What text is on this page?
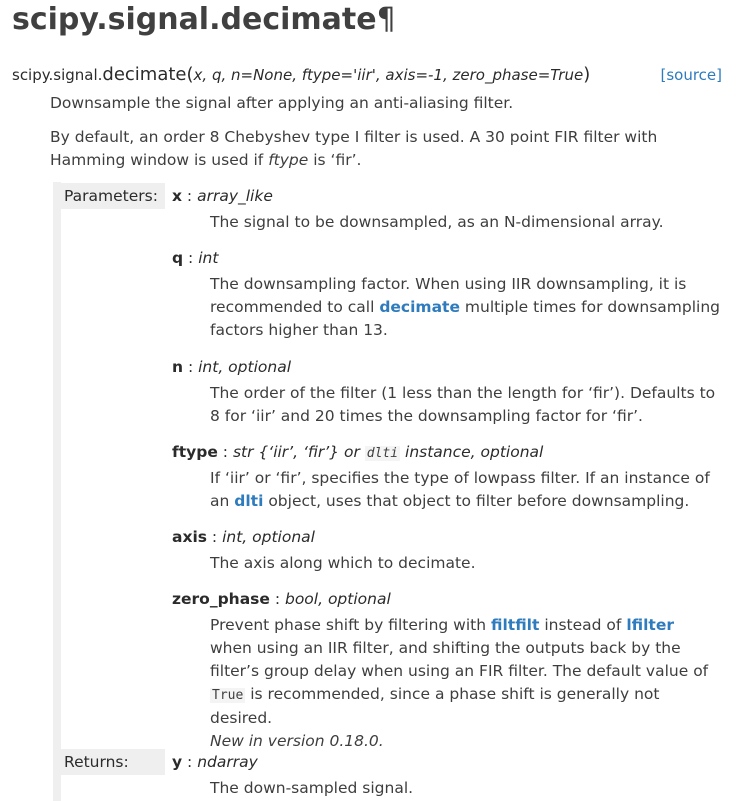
scipy.signal.decimate¶
scipy.signal.decimate(x, q, n=None, ftype='iir', axis=-1, zero_phase=True)	[source]

Downsample the signal after applying an anti-aliasing filter.

By default, an order 8 Chebyshev type I filter is used. A 30 point FIR filter with Hamming window is used if ftype is ‘fir’.

Parameters:
Returns:
x : array_like

The signal to be downsampled, as an N-dimensional array.

q : int

The downsampling factor. When using IIR downsampling, it is recommended to call decimate multiple times for downsampling factors higher than 13.

n : int, optional

The order of the filter (1 less than the length for ‘fir’). Defaults to 8 for ‘iir’ and 20 times the downsampling factor for ‘fir’.

ftype : str {‘iir’, ‘fir’} or dlti instance, optional

If ‘iir’ or ‘fir’, specifies the type of lowpass filter. If an instance of an dlti object, uses that object to filter before downsampling.

axis : int, optional

The axis along which to decimate.

zero_phase : bool, optional

Prevent phase shift by filtering with filtfilt instead of lfilter when using an IIR filter, and shifting the outputs back by the filter’s group delay when using an FIR filter. The default value of True is recommended, since a phase shift is generally not desired.
New in version 0.18.0.

y : ndarray

The down-sampled signal.
